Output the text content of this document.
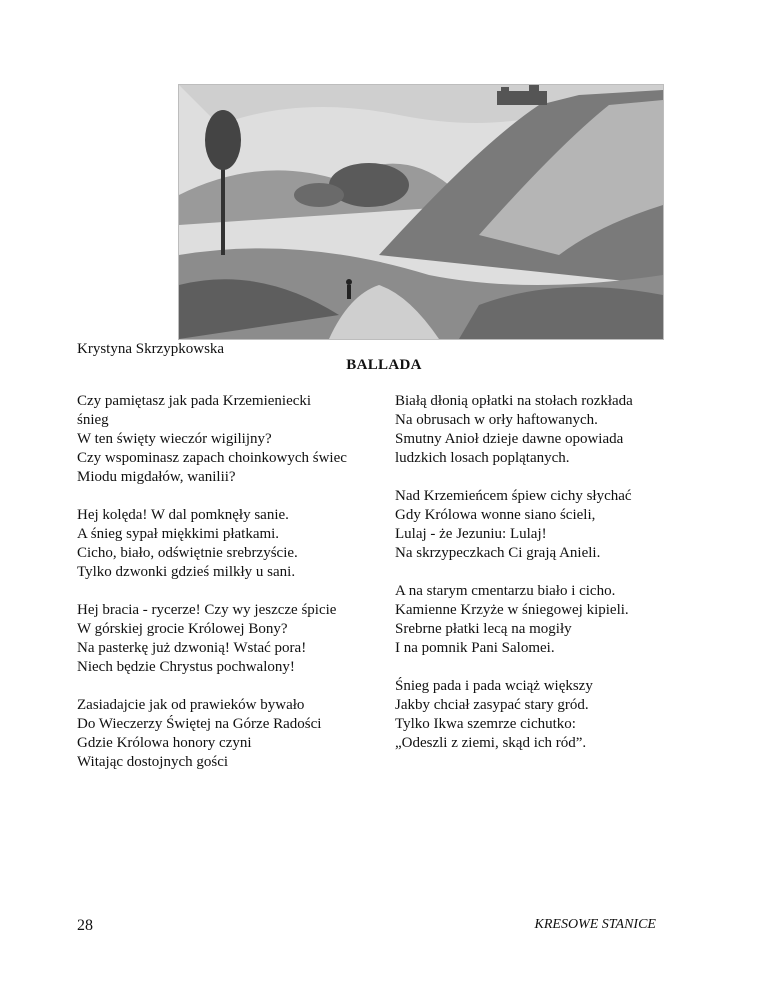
Krystyna Skrzypkowska
BALLADA
Czy pamiętasz jak pada Krzemieniecki
śnieg
W ten święty wieczór wigilijny?
Czy wspominasz zapach choinkowych świec
Miodu migdałów, wanilii?
Hej kolęda! W dal pomknęły sanie.
A śnieg sypał miękkimi płatkami.
Cicho, biało, odświętnie srebrzyście.
Tylko dzwonki gdzieś milkły u sani.
Hej bracia - rycerze! Czy wy jeszcze śpicie
W górskiej grocie Królowej Bony?
Na pasterkę już dzwonią! Wstać pora!
Niech będzie Chrystus pochwalony!
Zasiadajcie jak od prawieków bywało
Do Wieczerzy Świętej na Górze Radości
Gdzie Królowa honory czyni
Witając dostojnych gości
Białą dłonią opłatki na stołach rozkłada
Na obrusach w orły haftowanych.
Smutny Anioł dzieje dawne opowiada
ludzkich losach poplątanych.
Nad Krzemieńcem śpiew cichy słychać
Gdy Królowa wonne siano ścieli,
Lulaj - że Jezuniu: Lulaj!
Na skrzypeczkach Ci grają Anieli.
A na starym cmentarzu biało i cicho.
Kamienne Krzyże w śniegowej kipieli.
Srebrne płatki lecą na mogiły
I na pomnik Pani Salomei.
Śnieg pada i pada wciąż większy
Jakby chciał zasypać stary gród.
Tylko Ikwa szemrze cichutko:
„Odeszli z ziemi, skąd ich ród”.
28	KRESOWE STANICE
